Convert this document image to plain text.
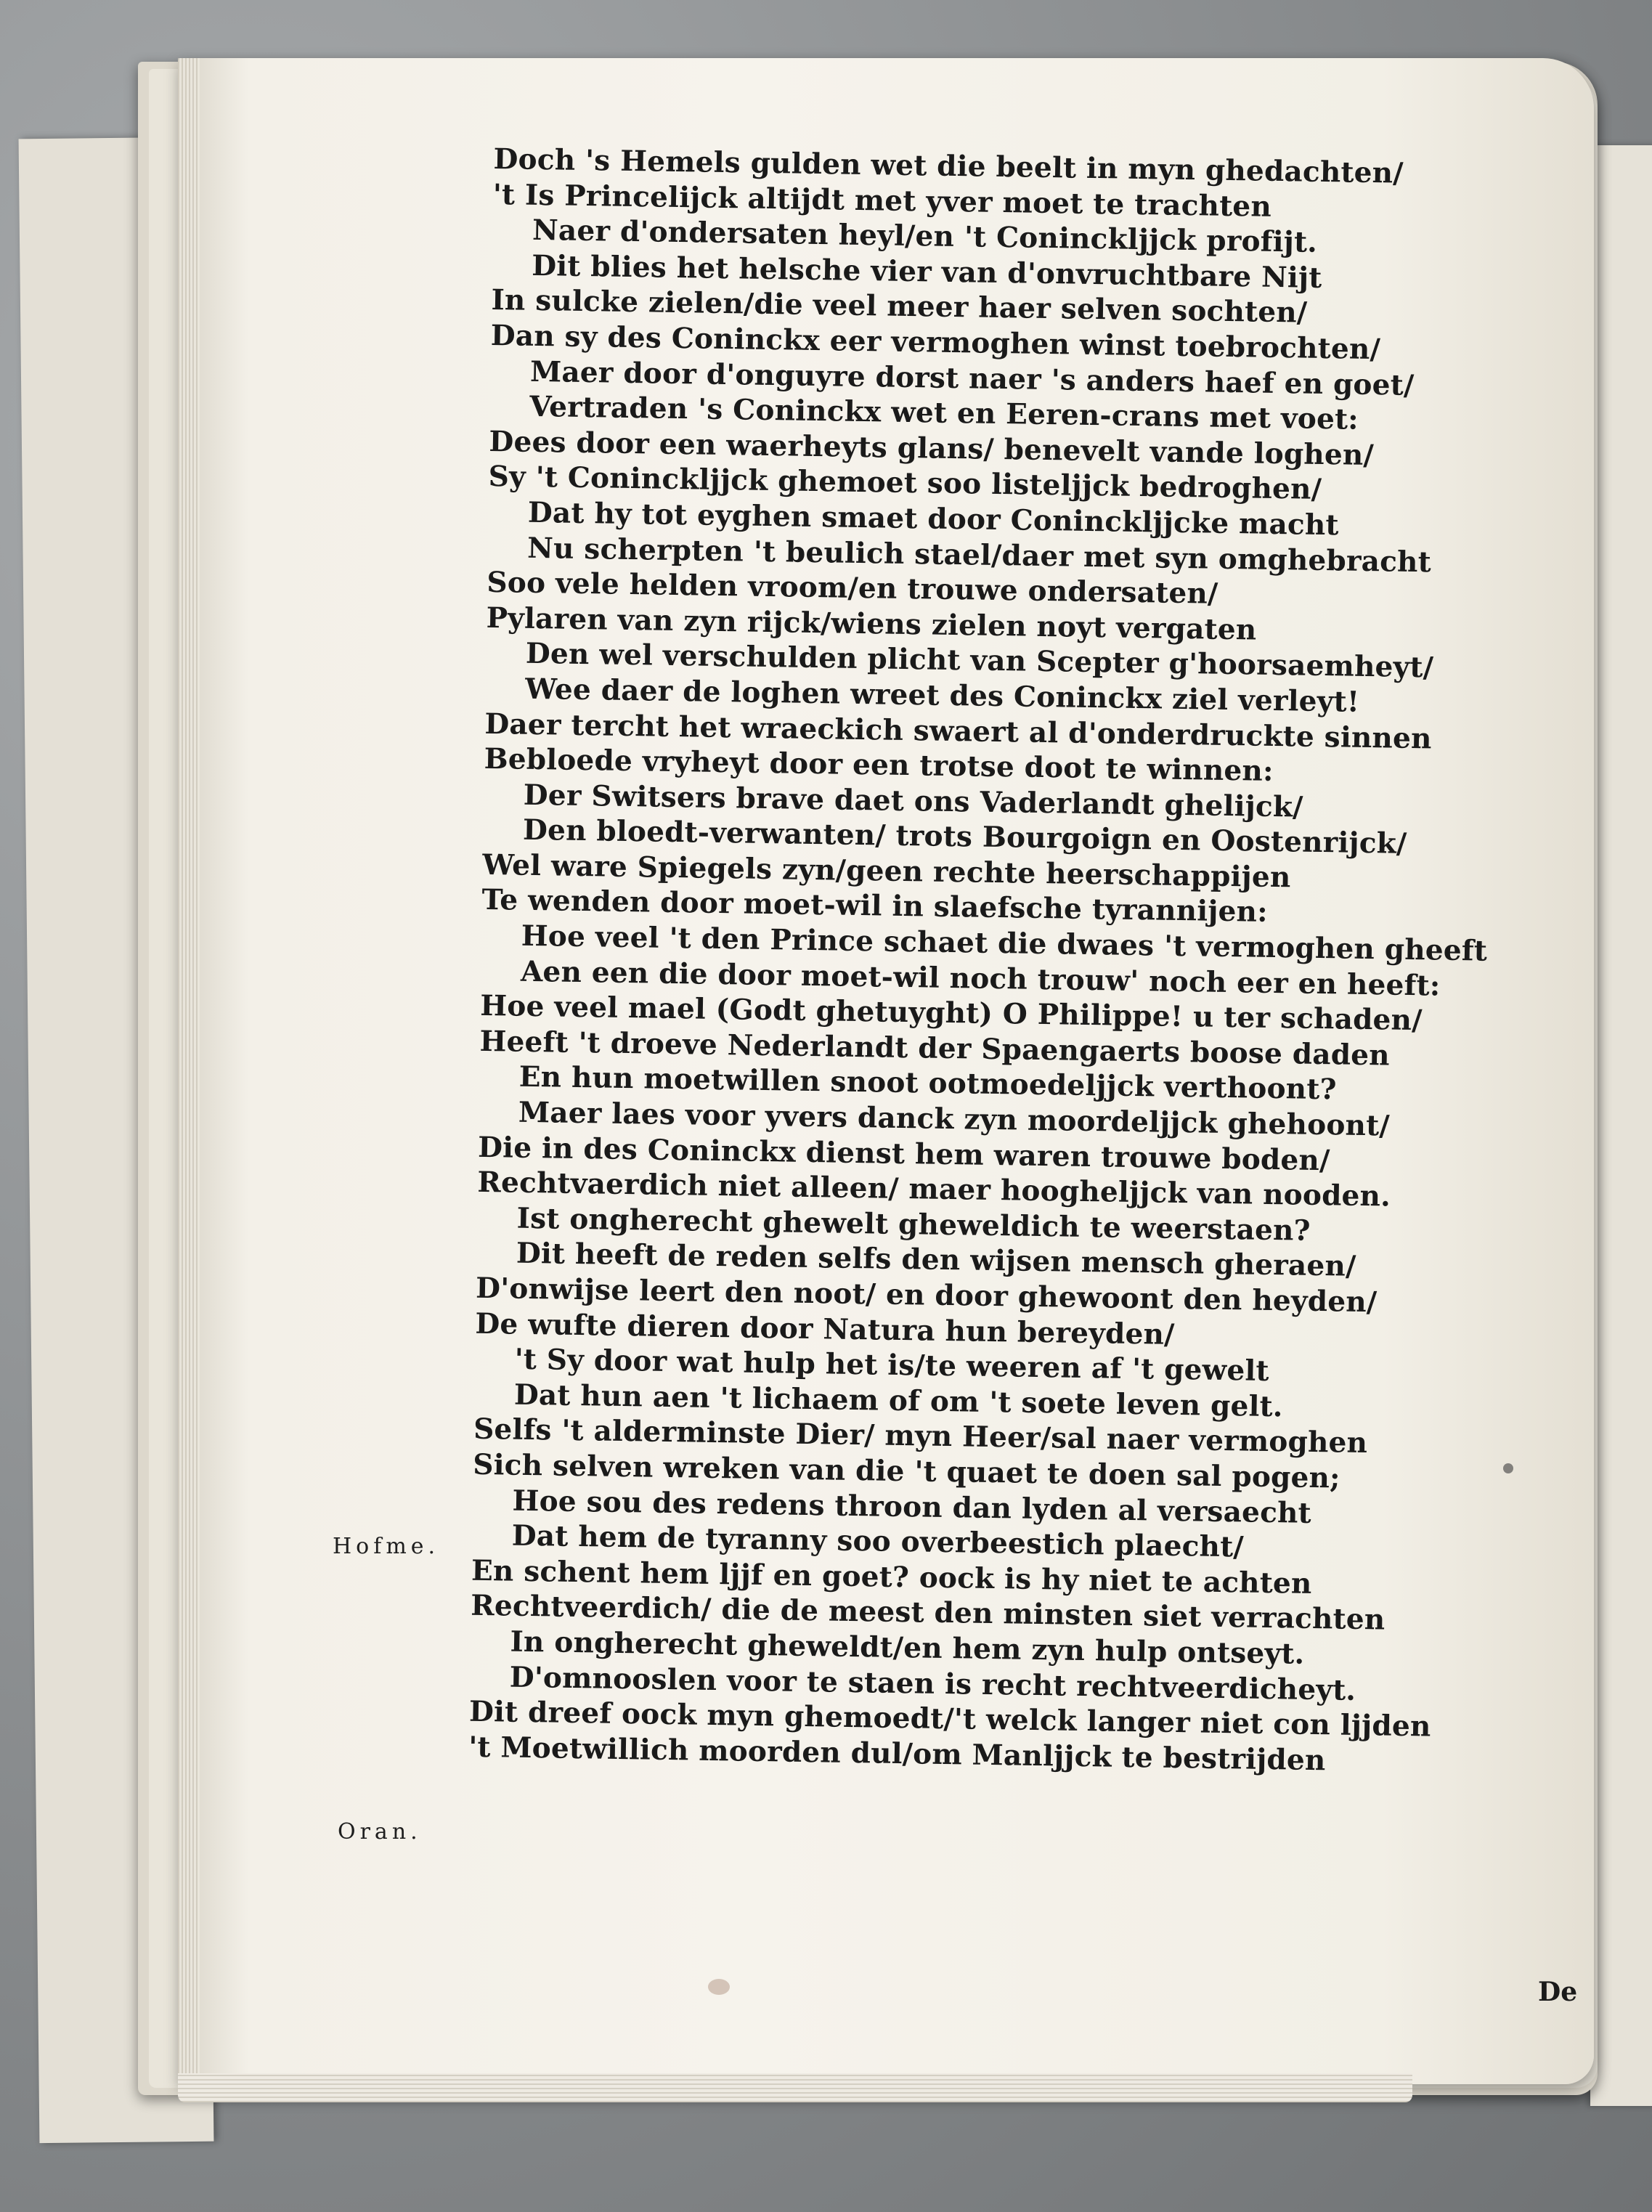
Doch 's Hemels gulden wet die beelt in myn ghedachten/
't Is Princelijck altijdt met yver moet te trachten
Naer d'ondersaten heyl/en 't Coninckljjck profijt.
Dit blies het helsche vier van d'onvruchtbare Nijt
In sulcke zielen/die veel meer haer selven sochten/
Dan sy des Coninckx eer vermoghen winst toebrochten/
Maer door d'onguyre dorst naer 's anders haef en goet/
Vertraden 's Coninckx wet en Eeren-crans met voet:
Dees door een waerheyts glans/ benevelt vande loghen/
Sy 't Coninckljjck ghemoet soo listeljjck bedroghen/
Dat hy tot eyghen smaet door Coninckljjcke macht
Nu scherpten 't beulich stael/daer met syn omghebracht
Soo vele helden vroom/en trouwe ondersaten/
Pylaren van zyn rijck/wiens zielen noyt vergaten
Den wel verschulden plicht van Scepter g'hoorsaemheyt/
Wee daer de loghen wreet des Coninckx ziel verleyt!
Daer tercht het wraeckich swaert al d'onderdruckte sinnen
Bebloede vryheyt door een trotse doot te winnen:
Der Switsers brave daet ons Vaderlandt ghelijck/
Den bloedt-verwanten/ trots Bourgoign en Oostenrijck/
Wel ware Spiegels zyn/geen rechte heerschappijen
Te wenden door moet-wil in slaefsche tyrannijen:
Hoe veel 't den Prince schaet die dwaes 't vermoghen gheeft
Aen een die door moet-wil noch trouw' noch eer en heeft:
Hoe veel mael (Godt ghetuyght) O Philippe! u ter schaden/
Heeft 't droeve Nederlandt der Spaengaerts boose daden
En hun moetwillen snoot ootmoedeljjck verthoont?
Maer laes voor yvers danck zyn moordeljjck ghehoont/
Die in des Coninckx dienst hem waren trouwe boden/
Rechtvaerdich niet alleen/ maer hoogheljjck van nooden.
Ist ongherecht ghewelt gheweldich te weerstaen?
Dit heeft de reden selfs den wijsen mensch gheraen/
D'onwijse leert den noot/ en door ghewoont den heyden/
De wufte dieren door Natura hun bereyden/
't Sy door wat hulp het is/te weeren af 't gewelt
Dat hun aen 't lichaem of om 't soete leven gelt.
Selfs 't alderminste Dier/ myn Heer/sal naer vermoghen
Sich selven wreken van die 't quaet te doen sal pogen;
Hoe sou des redens throon dan lyden al versaecht
Dat hem de tyranny soo overbeestich plaecht/
En schent hem ljjf en goet? oock is hy niet te achten
Rechtveerdich/ die de meest den minsten siet verrachten
In ongherecht gheweldt/en hem zyn hulp ontseyt.
D'omnooslen voor te staen is recht rechtveerdicheyt.
Dit dreef oock myn ghemoedt/'t welck langer niet con ljjden
't Moetwillich moorden dul/om Manljjck te bestrijden
Hofme.
Oran.
De
